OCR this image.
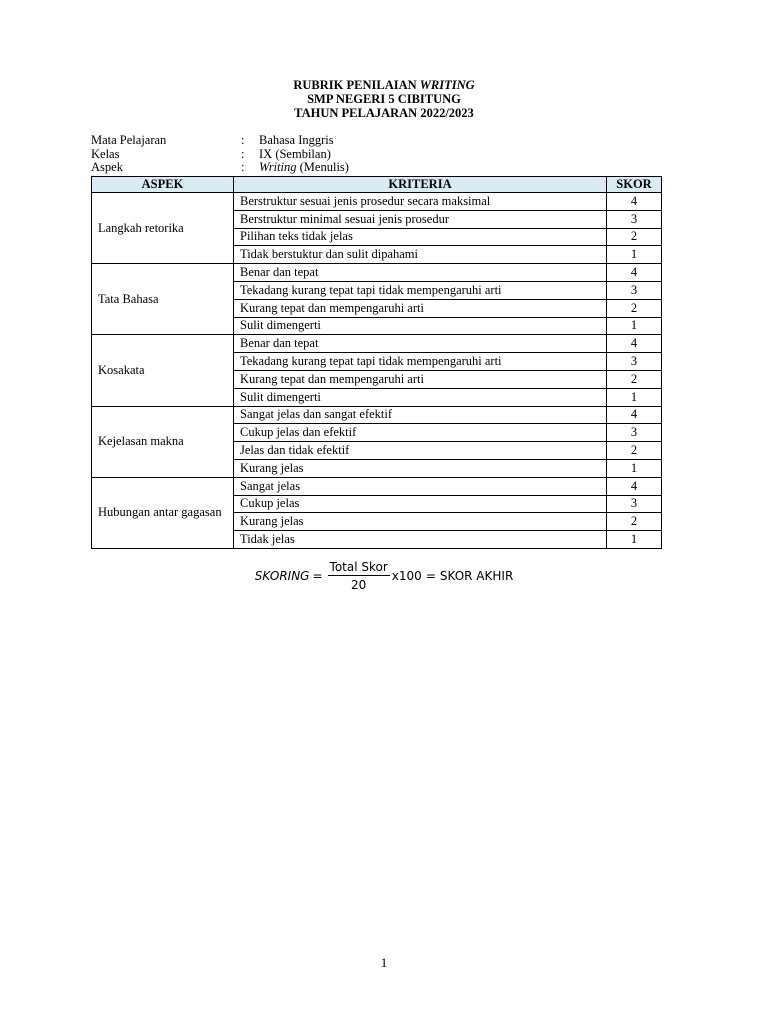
RUBRIK PENILAIAN WRITING
SMP NEGERI 5 CIBITUNG
TAHUN PELAJARAN 2022/2023
Mata Pelajaran	:	Bahasa Inggris
Kelas	:	IX (Sembilan)
Aspek	:	Writing (Menulis)
ASPEK	KRITERIA	SKOR
Langkah retorika	Berstruktur sesuai jenis prosedur secara maksimal	4
	Berstruktur minimal sesuai jenis prosedur	3
	Pilihan teks tidak jelas	2
	Tidak berstuktur dan sulit dipahami	1
Tata Bahasa	Benar dan tepat	4
	Tekadang kurang tepat tapi tidak mempengaruhi arti	3
	Kurang tepat dan mempengaruhi arti	2
	Sulit dimengerti	1
Kosakata	Benar dan tepat	4
	Tekadang kurang tepat tapi tidak mempengaruhi arti	3
	Kurang tepat dan mempengaruhi arti	2
	Sulit dimengerti	1
Kejelasan makna	Sangat jelas dan sangat efektif	4
	Cukup jelas dan efektif	3
	Jelas dan tidak efektif	2
	Kurang jelas	1
Hubungan antar gagasan	Sangat jelas	4
	Cukup jelas	3
	Kurang jelas	2
	Tidak jelas	1
SKORING = $\frac{\text{Total Skor}}{20} x100$ = SKOR AKHIR
1
